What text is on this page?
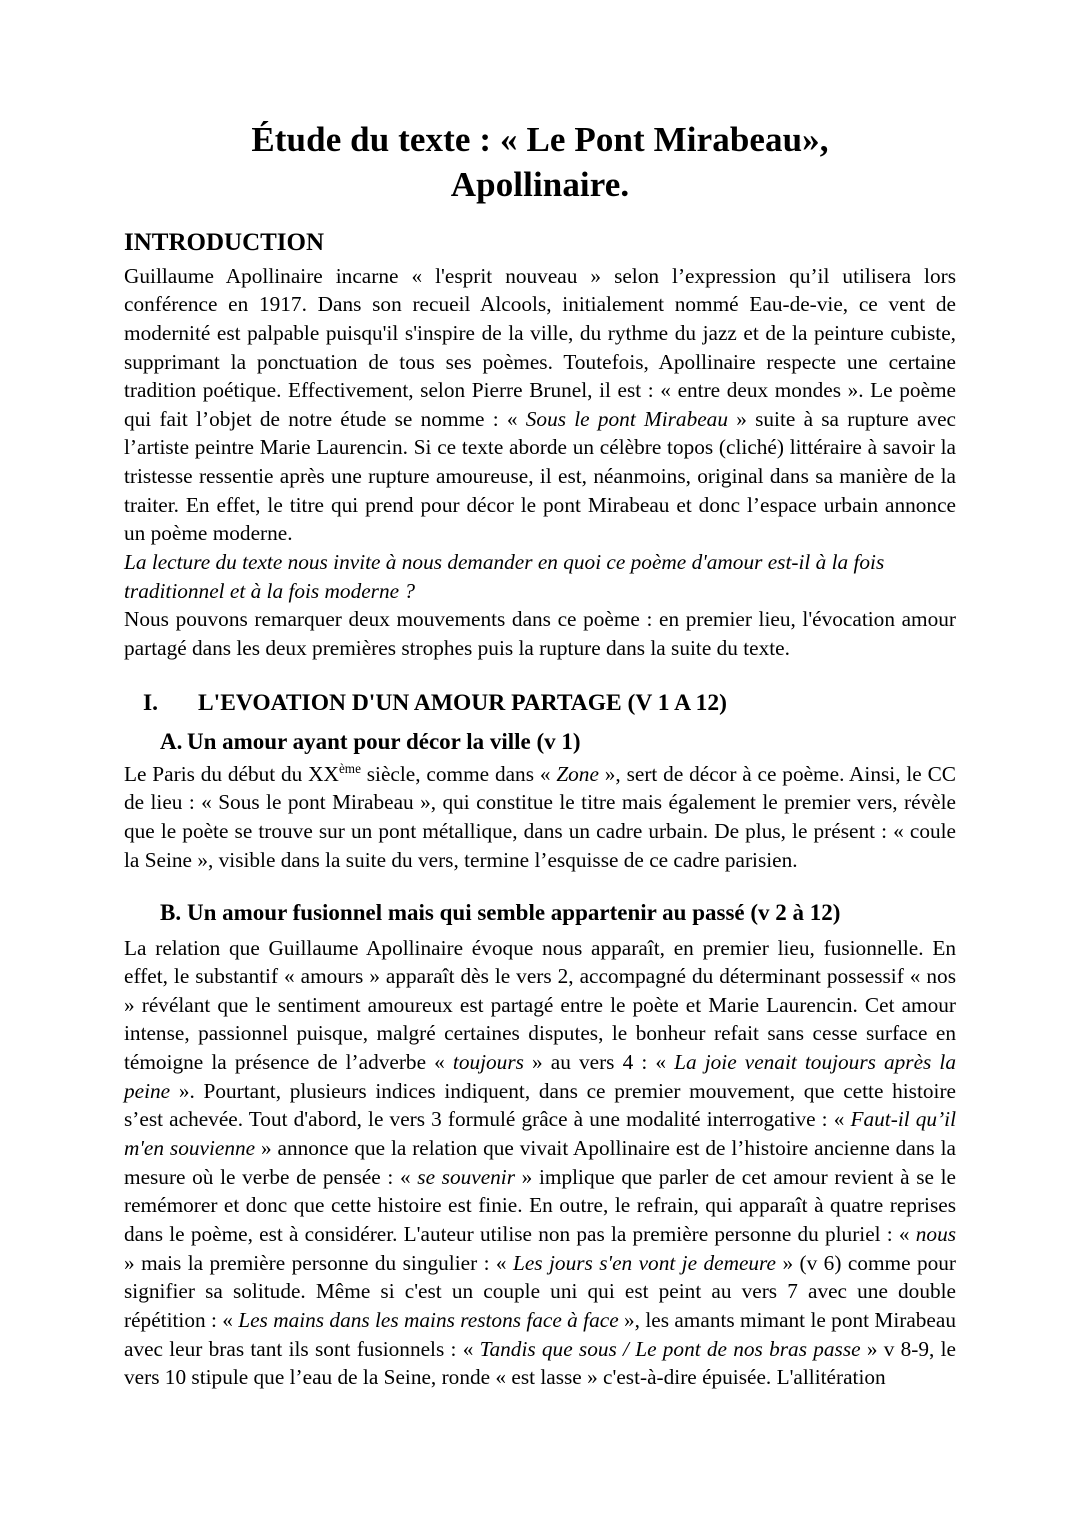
Étude du texte : « Le Pont Mirabeau»,
Apollinaire.
INTRODUCTION

Guillaume Apollinaire incarne « l'esprit nouveau » selon l’expression qu’il utilisera lors conférence en 1917. Dans son recueil Alcools, initialement nommé Eau-de-vie, ce vent de modernité est palpable puisqu'il s'inspire de la ville, du rythme du jazz et de la peinture cubiste, supprimant la ponctuation de tous ses poèmes. Toutefois, Apollinaire respecte une certaine tradition poétique. Effectivement, selon Pierre Brunel, il est : « entre deux mondes ». Le poème qui fait l’objet de notre étude se nomme : « Sous le pont Mirabeau » suite à sa rupture avec l’artiste peintre Marie Laurencin. Si ce texte aborde un célèbre topos (cliché) littéraire à savoir la tristesse ressentie après une rupture amoureuse, il est, néanmoins, original dans sa manière de la traiter. En effet, le titre qui prend pour décor le pont Mirabeau et donc l’espace urbain annonce un poème moderne.

La lecture du texte nous invite à nous demander en quoi ce poème d'amour est-il à la fois traditionnel et à la fois moderne ?

Nous pouvons remarquer deux mouvements dans ce poème : en premier lieu, l'évocation amour partagé dans les deux premières strophes puis la rupture dans la suite du texte.

I.	L'EVOATION D'UN AMOUR PARTAGE (V 1 A 12)
A. Un amour ayant pour décor la ville (v 1)

Le Paris du début du XXème siècle, comme dans « Zone », sert de décor à ce poème. Ainsi, le CC de lieu : « Sous le pont Mirabeau », qui constitue le titre mais également le premier vers, révèle que le poète se trouve sur un pont métallique, dans un cadre urbain. De plus, le présent : « coule la Seine », visible dans la suite du vers, termine l’esquisse de ce cadre parisien.

B. Un amour fusionnel mais qui semble appartenir au passé (v 2 à 12)

La relation que Guillaume Apollinaire évoque nous apparaît, en premier lieu, fusionnelle. En effet, le substantif « amours » apparaît dès le vers 2, accompagné du déterminant possessif « nos » révélant que le sentiment amoureux est partagé entre le poète et Marie Laurencin. Cet amour intense, passionnel puisque, malgré certaines disputes, le bonheur refait sans cesse surface en témoigne la présence de l’adverbe « toujours » au vers 4 : « La joie venait toujours après la peine ». Pourtant, plusieurs indices indiquent, dans ce premier mouvement, que cette histoire s’est achevée. Tout d'abord, le vers 3 formulé grâce à une modalité interrogative : « Faut-il qu’il m'en souvienne » annonce que la relation que vivait Apollinaire est de l’histoire ancienne dans la mesure où le verbe de pensée : « se souvenir » implique que parler de cet amour revient à se le remémorer et donc que cette histoire est finie. En outre, le refrain, qui apparaît à quatre reprises dans le poème, est à considérer. L'auteur utilise non pas la première personne du pluriel : « nous » mais la première personne du singulier : « Les jours s'en vont je demeure » (v 6) comme pour signifier sa solitude. Même si c'est un couple uni qui est peint au vers 7 avec une double répétition : « Les mains dans les mains restons face à face », les amants mimant le pont Mirabeau avec leur bras tant ils sont fusionnels : « Tandis que sous / Le pont de nos bras passe » v 8-9, le vers 10 stipule que l’eau de la Seine, ronde « est lasse » c'est-à-dire épuisée. L'allitération
